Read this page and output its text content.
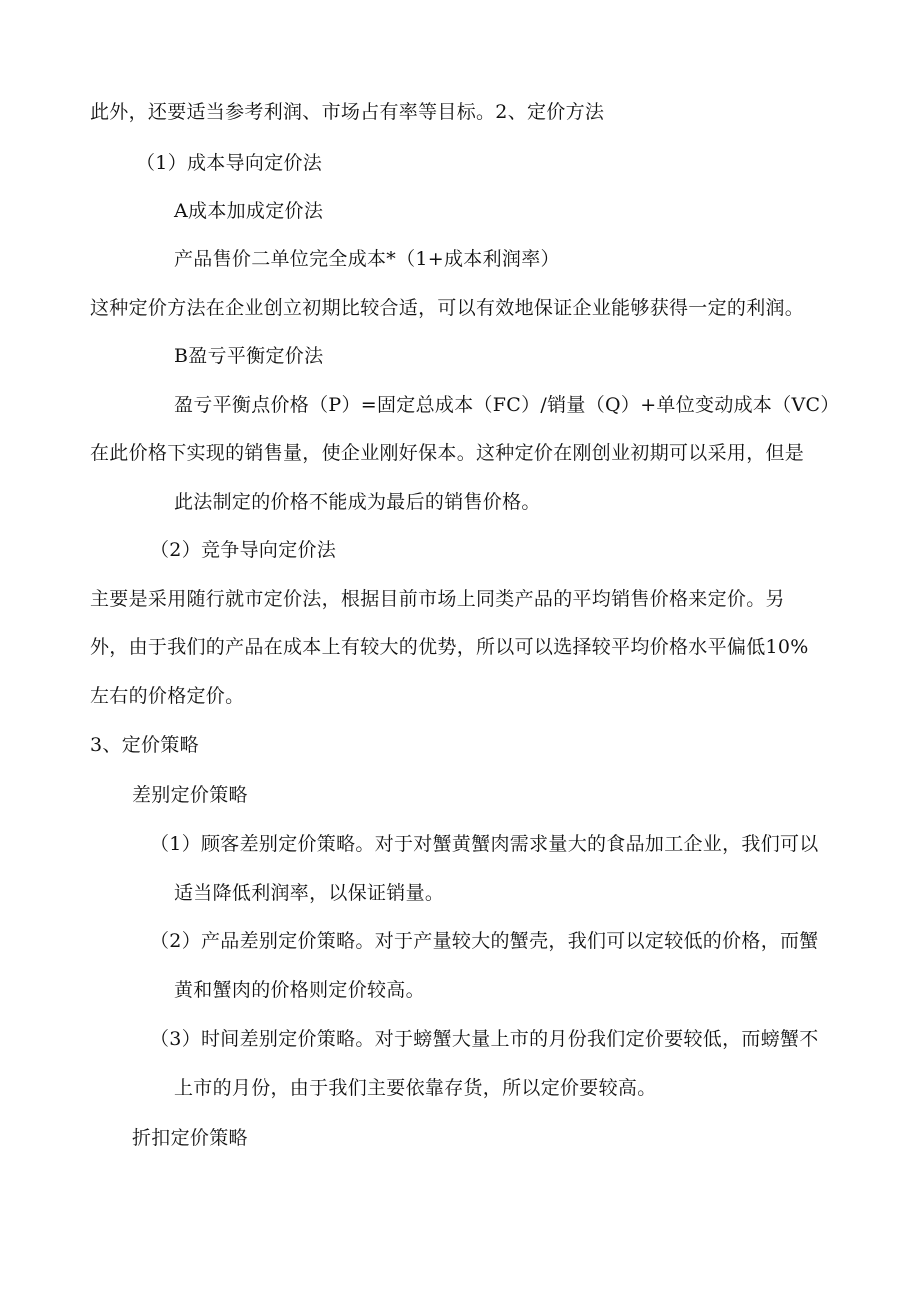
此外，还要适当参考利润、市场占有率等目标。2、定价方法
（1）成本导向定价法
A成本加成定价法
产品售价二单位完全成本*（1+成本利润率）
这种定价方法在企业创立初期比较合适，可以有效地保证企业能够获得一定的利润。
B盈亏平衡定价法
盈亏平衡点价格（P）=固定总成本（FC）/销量（Q）+单位变动成本（VC）
在此价格下实现的销售量，使企业刚好保本。这种定价在刚创业初期可以采用，但是
此法制定的价格不能成为最后的销售价格。
（2）竞争导向定价法
主要是采用随行就市定价法，根据目前市场上同类产品的平均销售价格来定价。另
外，由于我们的产品在成本上有较大的优势，所以可以选择较平均价格水平偏低10%
左右的价格定价。
3、定价策略
差别定价策略
（1）顾客差别定价策略。对于对蟹黄蟹肉需求量大的食品加工企业，我们可以
适当降低利润率，以保证销量。
（2）产品差别定价策略。对于产量较大的蟹壳，我们可以定较低的价格，而蟹
黄和蟹肉的价格则定价较高。
（3）时间差别定价策略。对于螃蟹大量上市的月份我们定价要较低，而螃蟹不
上市的月份，由于我们主要依靠存货，所以定价要较高。
折扣定价策略
